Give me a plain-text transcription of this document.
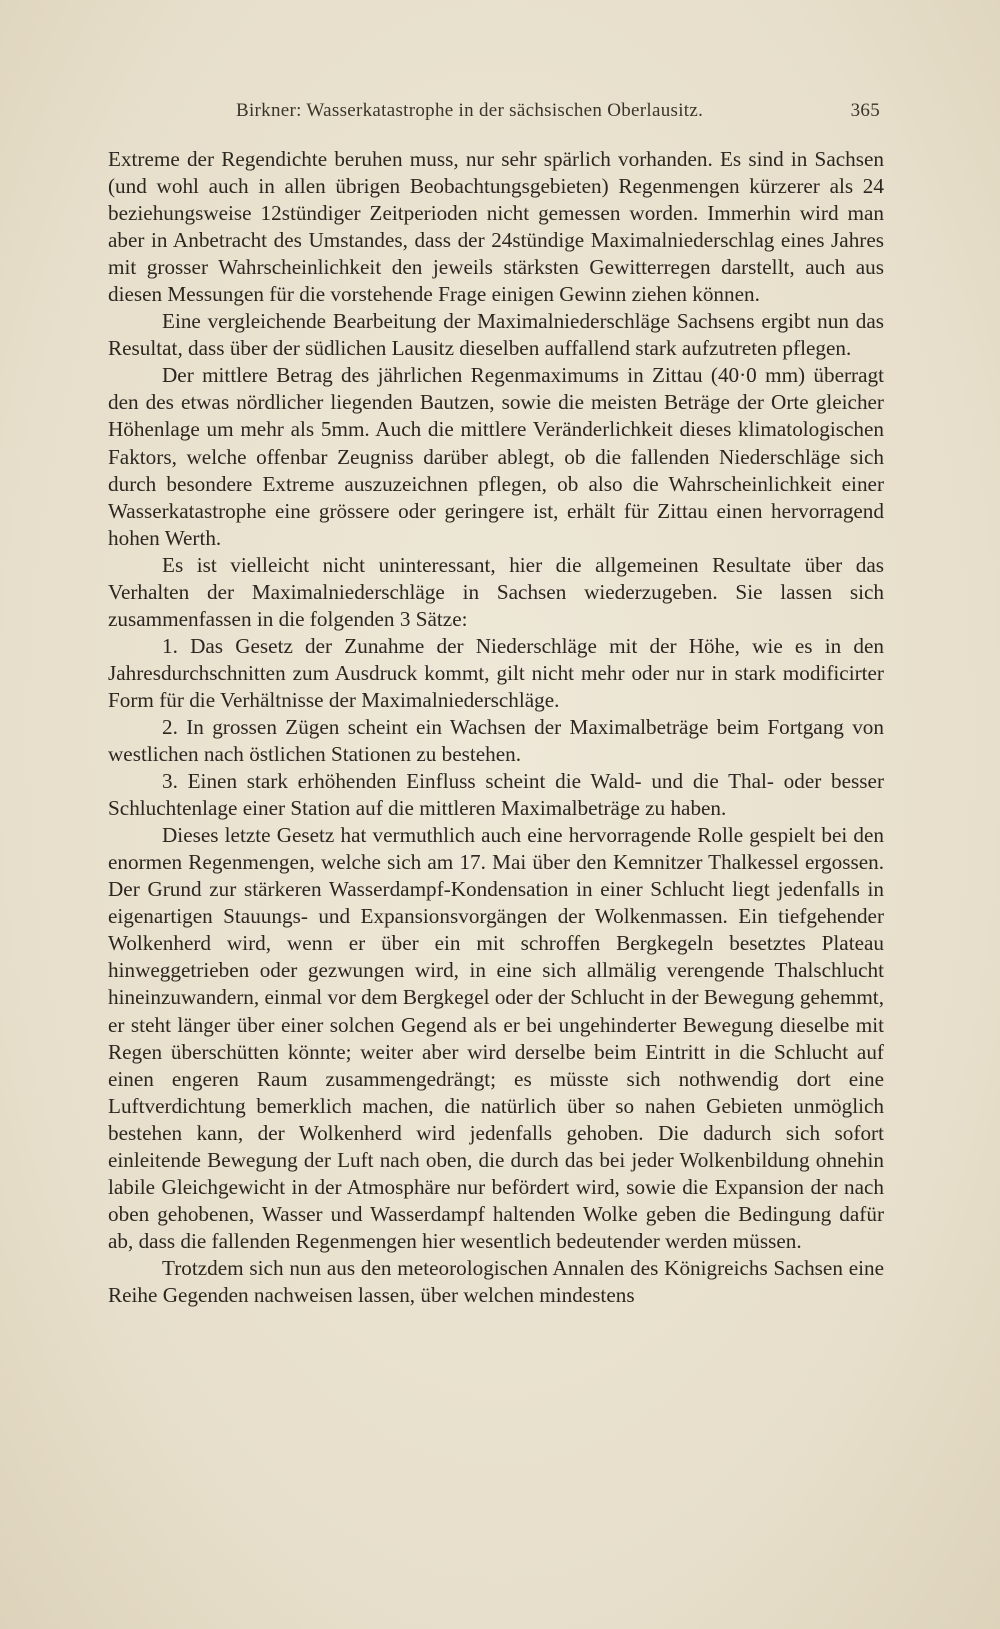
Birkner: Wasserkatastrophe in der sächsischen Oberlausitz.	365

Extreme der Regendichte beruhen muss, nur sehr spärlich vorhanden. Es sind in Sachsen (und wohl auch in allen übrigen Beobachtungsgebieten) Regenmengen kürzerer als 24 beziehungsweise 12stündiger Zeitperioden nicht gemessen worden. Immerhin wird man aber in Anbetracht des Umstandes, dass der 24stündige Maximalniederschlag eines Jahres mit grosser Wahrscheinlichkeit den jeweils stärksten Gewitterregen darstellt, auch aus diesen Messungen für die vorstehende Frage einigen Gewinn ziehen können.

Eine vergleichende Bearbeitung der Maximalniederschläge Sachsens ergibt nun das Resultat, dass über der südlichen Lausitz dieselben auffallend stark aufzutreten pflegen.

Der mittlere Betrag des jährlichen Regenmaximums in Zittau (40·0 mm) überragt den des etwas nördlicher liegenden Bautzen, sowie die meisten Beträge der Orte gleicher Höhenlage um mehr als 5mm. Auch die mittlere Veränderlichkeit dieses klimatologischen Faktors, welche offenbar Zeugniss darüber ablegt, ob die fallenden Niederschläge sich durch besondere Extreme auszuzeichnen pflegen, ob also die Wahrscheinlichkeit einer Wasserkatastrophe eine grössere oder geringere ist, erhält für Zittau einen hervorragend hohen Werth.

Es ist vielleicht nicht uninteressant, hier die allgemeinen Resultate über das Verhalten der Maximalniederschläge in Sachsen wiederzugeben. Sie lassen sich zusammenfassen in die folgenden 3 Sätze:

1. Das Gesetz der Zunahme der Niederschläge mit der Höhe, wie es in den Jahresdurchschnitten zum Ausdruck kommt, gilt nicht mehr oder nur in stark modificirter Form für die Verhältnisse der Maximalniederschläge.

2. In grossen Zügen scheint ein Wachsen der Maximalbeträge beim Fortgang von westlichen nach östlichen Stationen zu bestehen.

3. Einen stark erhöhenden Einfluss scheint die Wald- und die Thal- oder besser Schluchtenlage einer Station auf die mittleren Maximalbeträge zu haben.

Dieses letzte Gesetz hat vermuthlich auch eine hervorragende Rolle gespielt bei den enormen Regenmengen, welche sich am 17. Mai über den Kemnitzer Thalkessel ergossen. Der Grund zur stärkeren Wasserdampf-Kondensation in einer Schlucht liegt jedenfalls in eigenartigen Stauungs- und Expansionsvorgängen der Wolkenmassen. Ein tiefgehender Wolkenherd wird, wenn er über ein mit schroffen Bergkegeln besetztes Plateau hinweggetrieben oder gezwungen wird, in eine sich allmälig verengende Thalschlucht hineinzuwandern, einmal vor dem Bergkegel oder der Schlucht in der Bewegung gehemmt, er steht länger über einer solchen Gegend als er bei ungehinderter Bewegung dieselbe mit Regen überschütten könnte; weiter aber wird derselbe beim Eintritt in die Schlucht auf einen engeren Raum zusammengedrängt; es müsste sich nothwendig dort eine Luftverdichtung bemerklich machen, die natürlich über so nahen Gebieten unmöglich bestehen kann, der Wolkenherd wird jedenfalls gehoben. Die dadurch sich sofort einleitende Bewegung der Luft nach oben, die durch das bei jeder Wolkenbildung ohnehin labile Gleichgewicht in der Atmosphäre nur befördert wird, sowie die Expansion der nach oben gehobenen, Wasser und Wasserdampf haltenden Wolke geben die Bedingung dafür ab, dass die fallenden Regenmengen hier wesentlich bedeutender werden müssen.

Trotzdem sich nun aus den meteorologischen Annalen des Königreichs Sachsen eine Reihe Gegenden nachweisen lassen, über welchen mindestens
